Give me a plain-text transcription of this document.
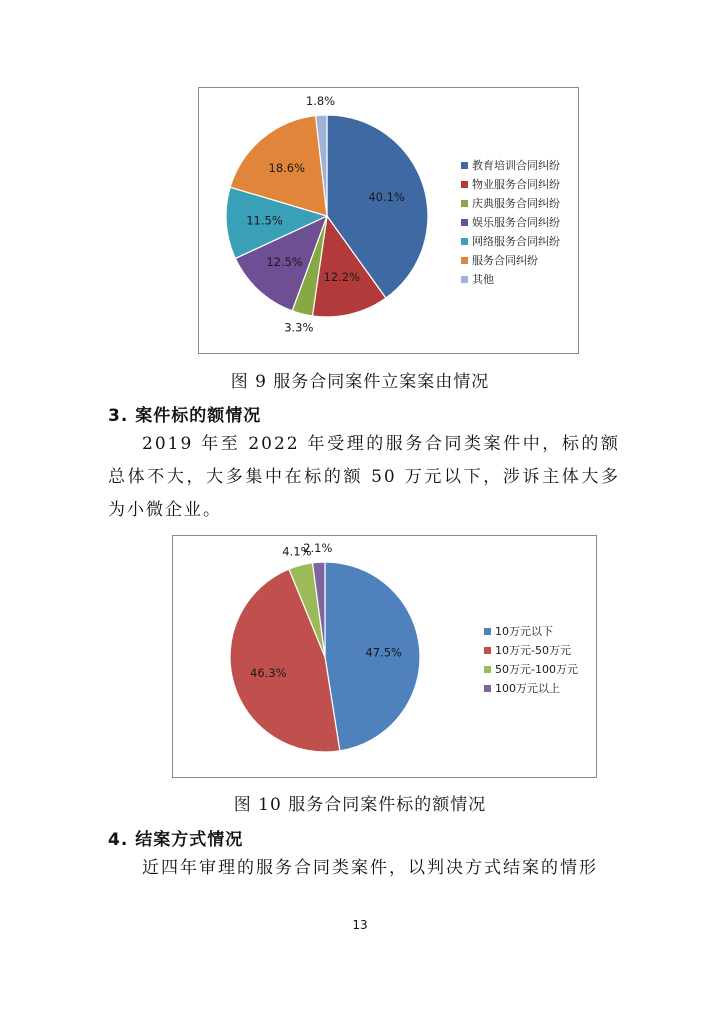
40.1%
12.2%
3.3%
12.5%
11.5%
18.6%
1.8%
教育培训合同纠纷
物业服务合同纠纷
庆典服务合同纠纷
娱乐服务合同纠纷
网络服务合同纠纷
服务合同纠纷
其他
图 9 服务合同案件立案案由情况
3. 案件标的额情况
2019 年至 2022 年受理的服务合同类案件中，标的额总体不大，大多集中在标的额 50 万元以下，涉诉主体大多为小微企业。
47.5%
46.3%
4.1%
2.1%
10万元以下
10万元-50万元
50万元-100万元
100万元以上
图 10 服务合同案件标的额情况
4. 结案方式情况
近四年审理的服务合同类案件，以判决方式结案的情形
13
